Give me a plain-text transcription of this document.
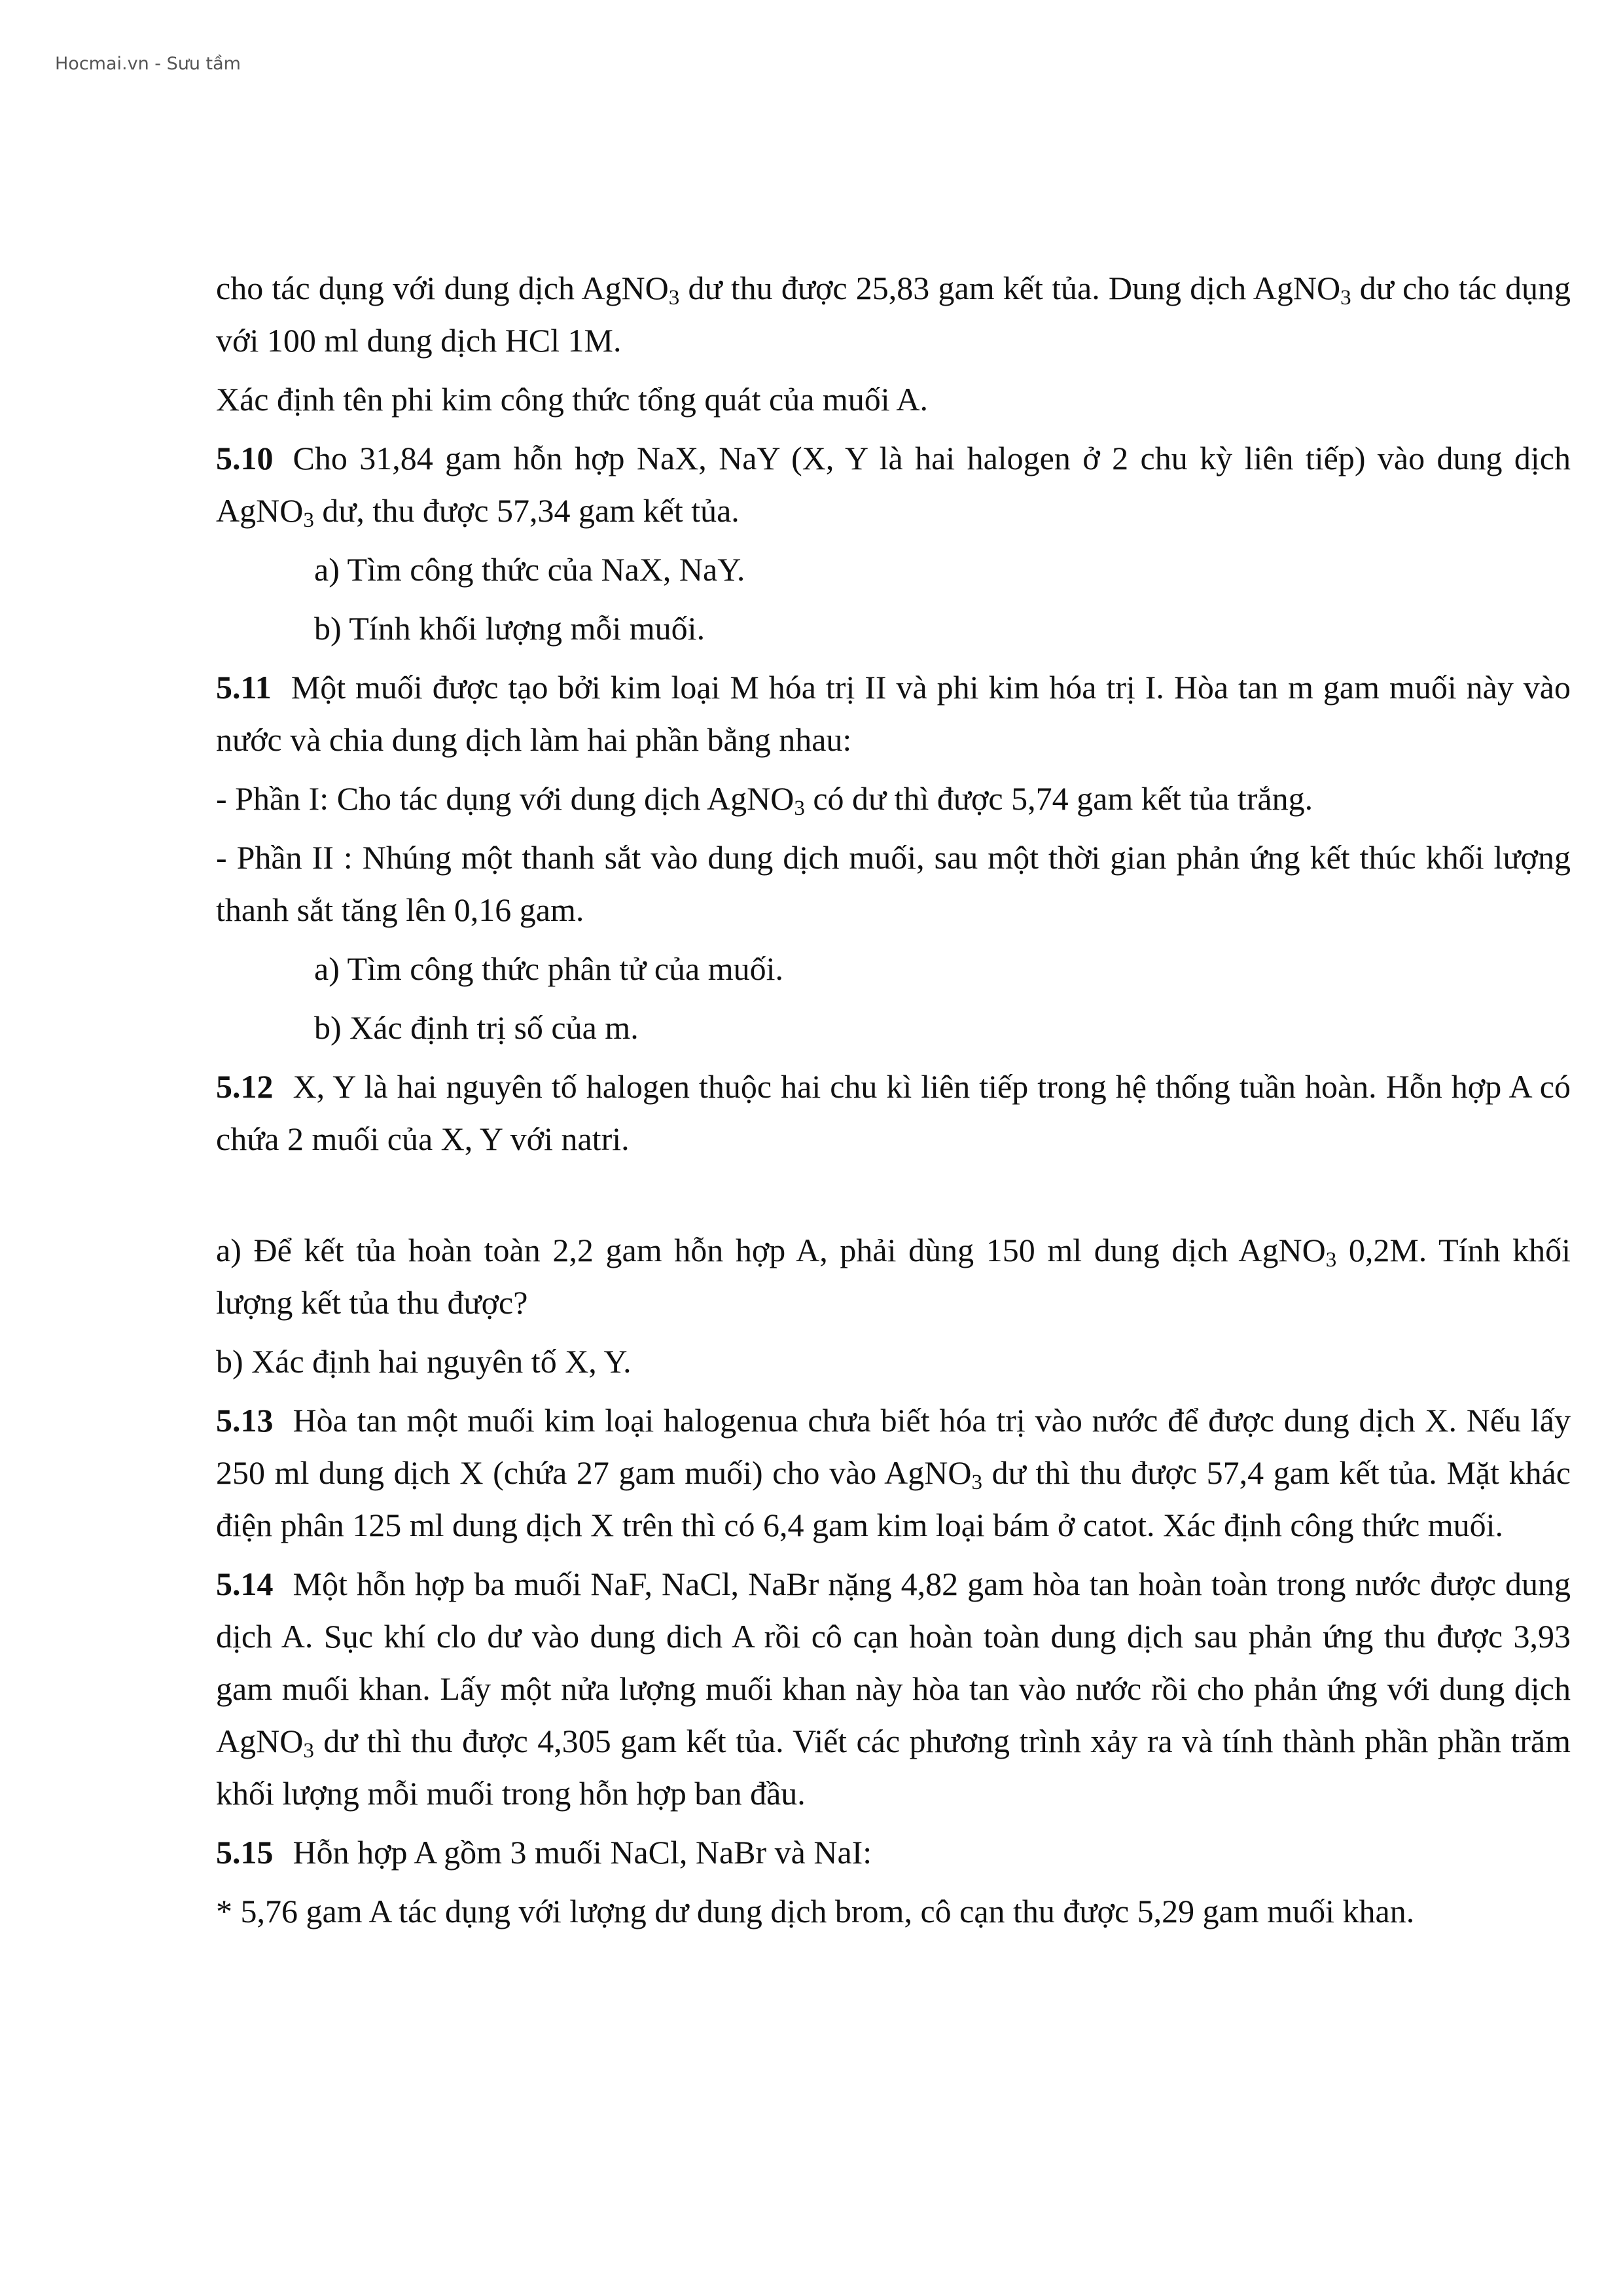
Hocmai.vn - Sưu tầm

cho tác dụng với dung dịch AgNO$_3$ dư thu được 25,83 gam kết tủa. Dung dịch AgNO$_3$ dư cho tác dụng với 100 ml dung dịch HCl 1M.

Xác định tên phi kim công thức tổng quát của muối A.

5.10 Cho 31,84 gam hỗn hợp NaX, NaY (X, Y là hai halogen ở 2 chu kỳ liên tiếp) vào dung dịch AgNO$_3$ dư, thu được 57,34 gam kết tủa.

a) Tìm công thức của NaX, NaY.

b) Tính khối lượng mỗi muối.

5.11 Một muối được tạo bởi kim loại M hóa trị II và phi kim hóa trị I. Hòa tan m gam muối này vào nước và chia dung dịch làm hai phần bằng nhau:

- Phần I: Cho tác dụng với dung dịch AgNO$_3$ có dư thì được 5,74 gam kết tủa trắng.

- Phần II : Nhúng một thanh sắt vào dung dịch muối, sau một thời gian phản ứng kết thúc khối lượng thanh sắt tăng lên 0,16 gam.

a) Tìm công thức phân tử của muối.

b) Xác định trị số của m.

5.12 X, Y là hai nguyên tố halogen thuộc hai chu kì liên tiếp trong hệ thống tuần hoàn. Hỗn hợp A có chứa 2 muối của X, Y với natri.

a) Để kết tủa hoàn toàn 2,2 gam hỗn hợp A, phải dùng 150 ml dung dịch AgNO$_3$ 0,2M. Tính khối lượng kết tủa thu được?

b) Xác định hai nguyên tố X, Y.

5.13 Hòa tan một muối kim loại halogenua chưa biết hóa trị vào nước để được dung dịch X. Nếu lấy 250 ml dung dịch X (chứa 27 gam muối) cho vào AgNO$_3$ dư thì thu được 57,4 gam kết tủa. Mặt khác điện phân 125 ml dung dịch X trên thì có 6,4 gam kim loại bám ở catot. Xác định công thức muối.

5.14 Một hỗn hợp ba muối NaF, NaCl, NaBr nặng 4,82 gam hòa tan hoàn toàn trong nước được dung dịch A. Sục khí clo dư vào dung dich A rồi cô cạn hoàn toàn dung dịch sau phản ứng thu được 3,93 gam muối khan. Lấy một nửa lượng muối khan này hòa tan vào nước rồi cho phản ứng với dung dịch AgNO$_3$ dư thì thu được 4,305 gam kết tủa. Viết các phương trình xảy ra và tính thành phần phần trăm khối lượng mỗi muối trong hỗn hợp ban đầu.

5.15 Hỗn hợp A gồm 3 muối NaCl, NaBr và NaI:

* 5,76 gam A tác dụng với lượng dư dung dịch brom, cô cạn thu được 5,29 gam muối khan.
